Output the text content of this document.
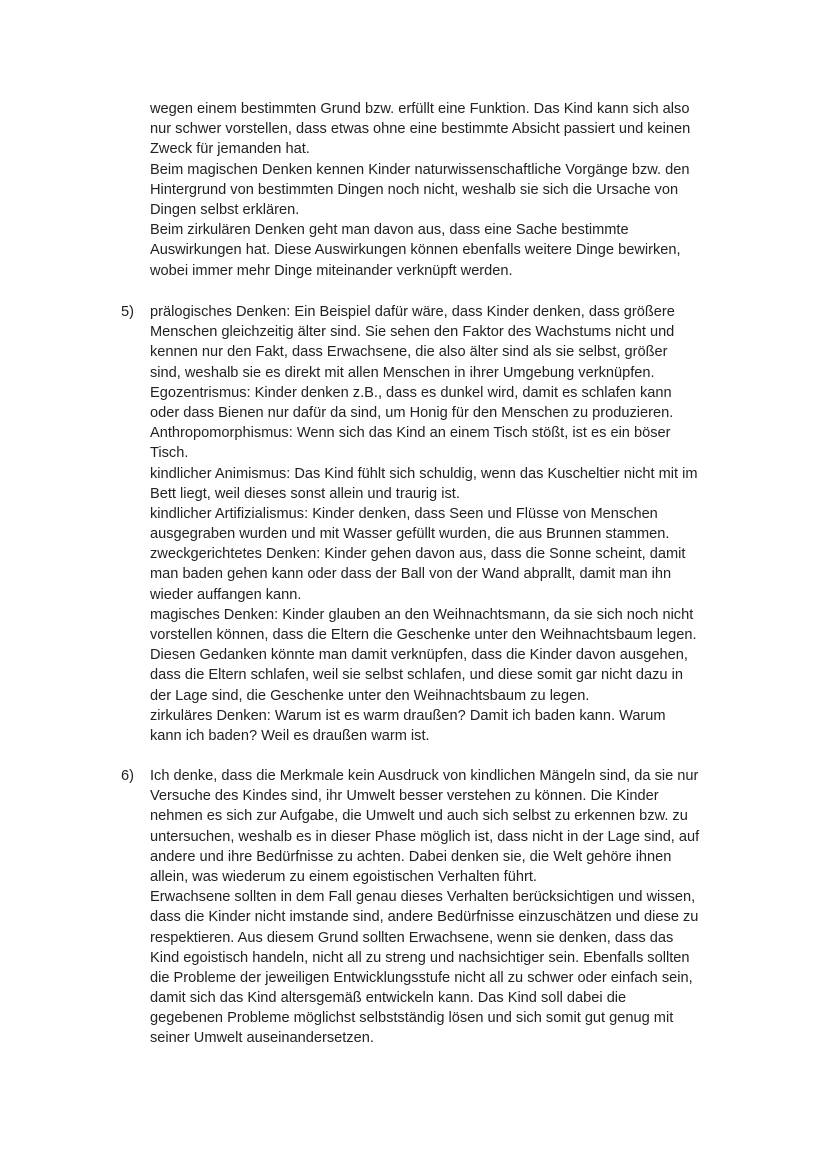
wegen einem bestimmten Grund bzw. erfüllt eine Funktion. Das Kind kann sich also
nur schwer vorstellen, dass etwas ohne eine bestimmte Absicht passiert und keinen
Zweck für jemanden hat.
Beim magischen Denken kennen Kinder naturwissenschaftliche Vorgänge bzw. den
Hintergrund von bestimmten Dingen noch nicht, weshalb sie sich die Ursache von
Dingen selbst erklären.
Beim zirkulären Denken geht man davon aus, dass eine Sache bestimmte
Auswirkungen hat. Diese Auswirkungen können ebenfalls weitere Dinge bewirken,
wobei immer mehr Dinge miteinander verknüpft werden.
5) prälogisches Denken: Ein Beispiel dafür wäre, dass Kinder denken, dass größere
Menschen gleichzeitig älter sind. Sie sehen den Faktor des Wachstums nicht und
kennen nur den Fakt, dass Erwachsene, die also älter sind als sie selbst, größer
sind, weshalb sie es direkt mit allen Menschen in ihrer Umgebung verknüpfen.
Egozentrismus: Kinder denken z.B., dass es dunkel wird, damit es schlafen kann
oder dass Bienen nur dafür da sind, um Honig für den Menschen zu produzieren.
Anthropomorphismus: Wenn sich das Kind an einem Tisch stößt, ist es ein böser
Tisch.
kindlicher Animismus: Das Kind fühlt sich schuldig, wenn das Kuscheltier nicht mit im
Bett liegt, weil dieses sonst allein und traurig ist.
kindlicher Artifizialismus: Kinder denken, dass Seen und Flüsse von Menschen
ausgegraben wurden und mit Wasser gefüllt wurden, die aus Brunnen stammen.
zweckgerichtetes Denken: Kinder gehen davon aus, dass die Sonne scheint, damit
man baden gehen kann oder dass der Ball von der Wand abprallt, damit man ihn
wieder auffangen kann.
magisches Denken: Kinder glauben an den Weihnachtsmann, da sie sich noch nicht
vorstellen können, dass die Eltern die Geschenke unter den Weihnachtsbaum legen.
Diesen Gedanken könnte man damit verknüpfen, dass die Kinder davon ausgehen,
dass die Eltern schlafen, weil sie selbst schlafen, und diese somit gar nicht dazu in
der Lage sind, die Geschenke unter den Weihnachtsbaum zu legen.
zirkuläres Denken: Warum ist es warm draußen? Damit ich baden kann. Warum
kann ich baden? Weil es draußen warm ist.
6) Ich denke, dass die Merkmale kein Ausdruck von kindlichen Mängeln sind, da sie nur
Versuche des Kindes sind, ihr Umwelt besser verstehen zu können. Die Kinder
nehmen es sich zur Aufgabe, die Umwelt und auch sich selbst zu erkennen bzw. zu
untersuchen, weshalb es in dieser Phase möglich ist, dass nicht in der Lage sind, auf
andere und ihre Bedürfnisse zu achten. Dabei denken sie, die Welt gehöre ihnen
allein, was wiederum zu einem egoistischen Verhalten führt.
Erwachsene sollten in dem Fall genau dieses Verhalten berücksichtigen und wissen,
dass die Kinder nicht imstande sind, andere Bedürfnisse einzuschätzen und diese zu
respektieren. Aus diesem Grund sollten Erwachsene, wenn sie denken, dass das
Kind egoistisch handeln, nicht all zu streng und nachsichtiger sein. Ebenfalls sollten
die Probleme der jeweiligen Entwicklungsstufe nicht all zu schwer oder einfach sein,
damit sich das Kind altersgemäß entwickeln kann. Das Kind soll dabei die
gegebenen Probleme möglichst selbstständig lösen und sich somit gut genug mit
seiner Umwelt auseinandersetzen.
